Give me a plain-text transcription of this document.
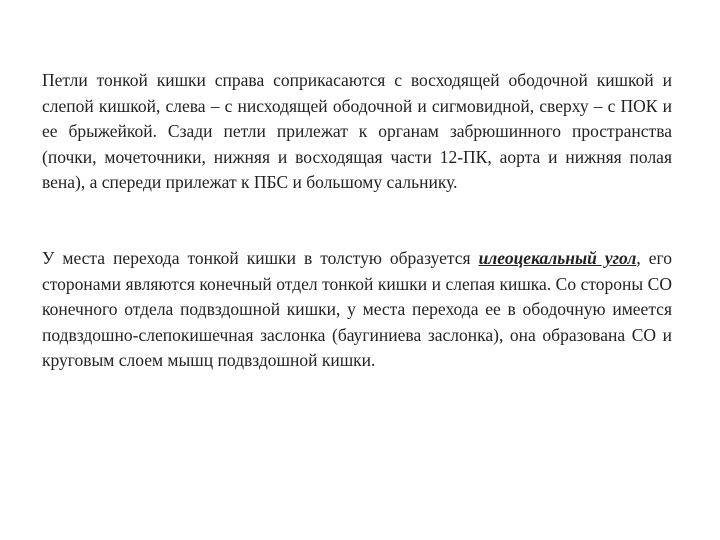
Петли тонкой кишки справа соприкасаются с восходящей ободочной кишкой и слепой кишкой, слева – с нисходящей ободочной и сигмовидной, сверху – с ПОК и ее брыжейкой. Сзади петли прилежат к органам забрюшинного пространства (почки, мочеточники, нижняя и восходящая части 12-ПК, аорта и нижняя полая вена), а спереди прилежат к ПБС и большому сальнику.

У места перехода тонкой кишки в толстую образуется илеоцекальный угол, его сторонами являются конечный отдел тонкой кишки и слепая кишка. Со стороны СО конечного отдела подвздошной кишки, у места перехода ее в ободочную имеется подвздошно-слепокишечная заслонка (баугиниева заслонка), она образована СО и круговым слоем мышц подвздошной кишки.
